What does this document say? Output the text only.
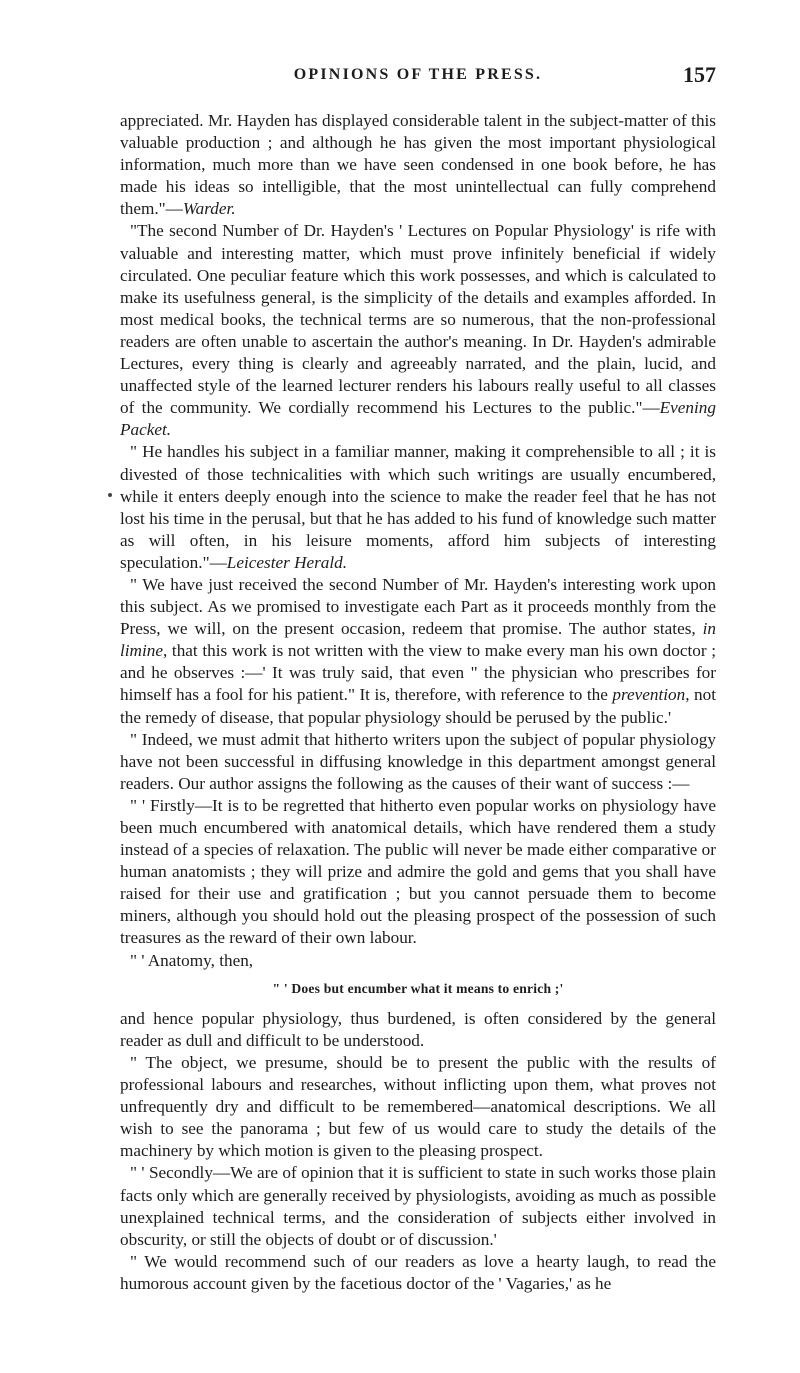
OPINIONS OF THE PRESS.	157

appreciated. Mr. Hayden has displayed considerable talent in the subject-matter of this valuable production ; and although he has given the most important physiological information, much more than we have seen condensed in one book before, he has made his ideas so intelligible, that the most unintellectual can fully comprehend them."—Warder.

"The second Number of Dr. Hayden's ' Lectures on Popular Physiology' is rife with valuable and interesting matter, which must prove infinitely beneficial if widely circulated. One peculiar feature which this work possesses, and which is calculated to make its usefulness general, is the simplicity of the details and examples afforded. In most medical books, the technical terms are so numerous, that the non-professional readers are often unable to ascertain the author's meaning. In Dr. Hayden's admirable Lectures, every thing is clearly and agreeably narrated, and the plain, lucid, and unaffected style of the learned lecturer renders his labours really useful to all classes of the community. We cordially recommend his Lectures to the public."—Evening Packet.

" He handles his subject in a familiar manner, making it comprehensible to all ; it is divested of those technicalities with which such writings are usually encumbered, while it enters deeply enough into the science to make the reader feel that he has not lost his time in the perusal, but that he has added to his fund of knowledge such matter as will often, in his leisure moments, afford him subjects of interesting speculation."—Leicester Herald.

" We have just received the second Number of Mr. Hayden's interesting work upon this subject. As we promised to investigate each Part as it proceeds monthly from the Press, we will, on the present occasion, redeem that promise. The author states, in limine, that this work is not written with the view to make every man his own doctor ; and he observes :—' It was truly said, that even " the physician who prescribes for himself has a fool for his patient." It is, therefore, with reference to the prevention, not the remedy of disease, that popular physiology should be perused by the public.'

" Indeed, we must admit that hitherto writers upon the subject of popular physiology have not been successful in diffusing knowledge in this department amongst general readers. Our author assigns the following as the causes of their want of success :—

" ' Firstly—It is to be regretted that hitherto even popular works on physiology have been much encumbered with anatomical details, which have rendered them a study instead of a species of relaxation. The public will never be made either comparative or human anatomists ; they will prize and admire the gold and gems that you shall have raised for their use and gratification ; but you cannot persuade them to become miners, although you should hold out the pleasing prospect of the possession of such treasures as the reward of their own labour.

" ' Anatomy, then,

" ' Does but encumber what it means to enrich ;'

and hence popular physiology, thus burdened, is often considered by the general reader as dull and difficult to be understood.

" The object, we presume, should be to present the public with the results of professional labours and researches, without inflicting upon them, what proves not unfrequently dry and difficult to be remembered—anatomical descriptions. We all wish to see the panorama ; but few of us would care to study the details of the machinery by which motion is given to the pleasing prospect.

" ' Secondly—We are of opinion that it is sufficient to state in such works those plain facts only which are generally received by physiologists, avoiding as much as possible unexplained technical terms, and the consideration of subjects either involved in obscurity, or still the objects of doubt or of discussion.'

" We would recommend such of our readers as love a hearty laugh, to read the humorous account given by the facetious doctor of the ' Vagaries,' as he
